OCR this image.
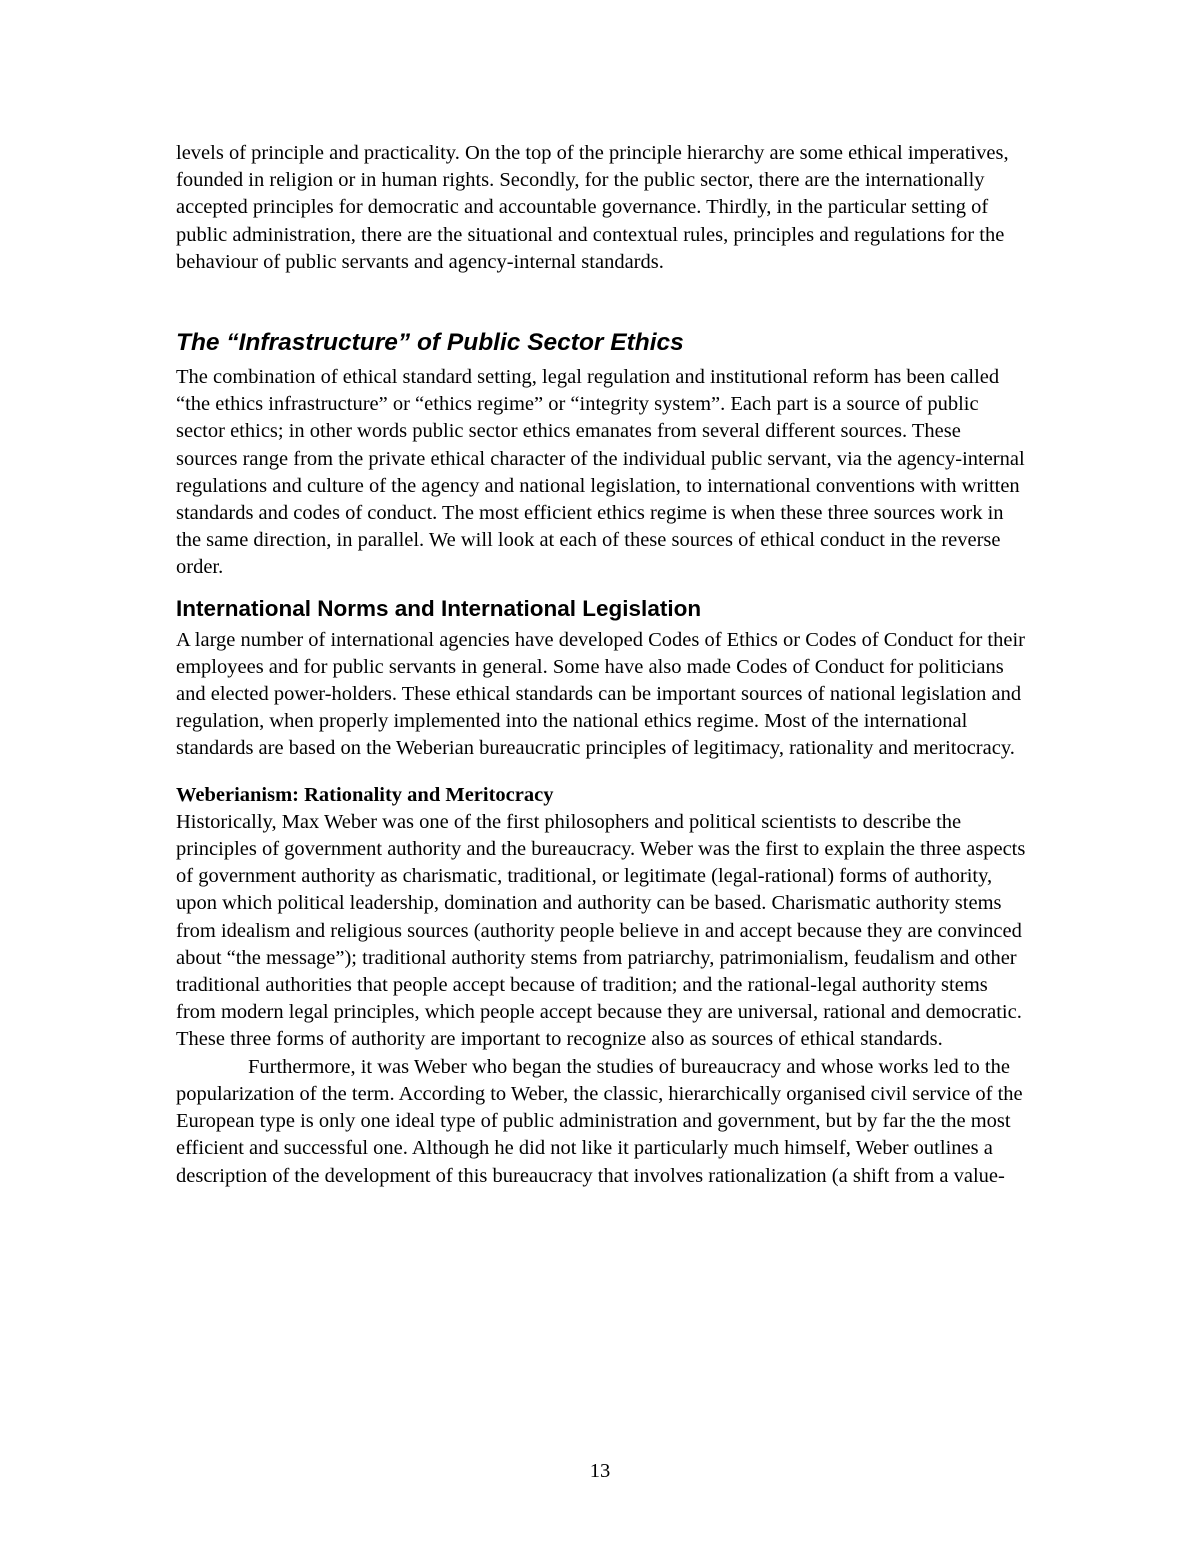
levels of principle and practicality. On the top of the principle hierarchy are some ethical imperatives, founded in religion or in human rights. Secondly, for the public sector, there are the internationally accepted principles for democratic and accountable governance. Thirdly, in the particular setting of public administration, there are the situational and contextual rules, principles and regulations for the behaviour of public servants and agency-internal standards.

The “Infrastructure” of Public Sector Ethics

The combination of ethical standard setting, legal regulation and institutional reform has been called “the ethics infrastructure” or “ethics regime” or “integrity system”. Each part is a source of public sector ethics; in other words public sector ethics emanates from several different sources. These sources range from the private ethical character of the individual public servant, via the agency-internal regulations and culture of the agency and national legislation, to international conventions with written standards and codes of conduct. The most efficient ethics regime is when these three sources work in the same direction, in parallel. We will look at each of these sources of ethical conduct in the reverse order.

International Norms and International Legislation

A large number of international agencies have developed Codes of Ethics or Codes of Conduct for their employees and for public servants in general. Some have also made Codes of Conduct for politicians and elected power-holders. These ethical standards can be important sources of national legislation and regulation, when properly implemented into the national ethics regime. Most of the international standards are based on the Weberian bureaucratic principles of legitimacy, rationality and meritocracy.

Weberianism: Rationality and Meritocracy

Historically, Max Weber was one of the first philosophers and political scientists to describe the principles of government authority and the bureaucracy. Weber was the first to explain the three aspects of government authority as charismatic, traditional, or legitimate (legal-rational) forms of authority, upon which political leadership, domination and authority can be based. Charismatic authority stems from idealism and religious sources (authority people believe in and accept because they are convinced about “the message”); traditional authority stems from patriarchy, patrimonialism, feudalism and other traditional authorities that people accept because of tradition; and the rational-legal authority stems from modern legal principles, which people accept because they are universal, rational and democratic. These three forms of authority are important to recognize also as sources of ethical standards.

Furthermore, it was Weber who began the studies of bureaucracy and whose works led to the popularization of the term. According to Weber, the classic, hierarchically organised civil service of the European type is only one ideal type of public administration and government, but by far the the most efficient and successful one. Although he did not like it particularly much himself, Weber outlines a description of the development of this bureaucracy that involves rationalization (a shift from a value-

13
